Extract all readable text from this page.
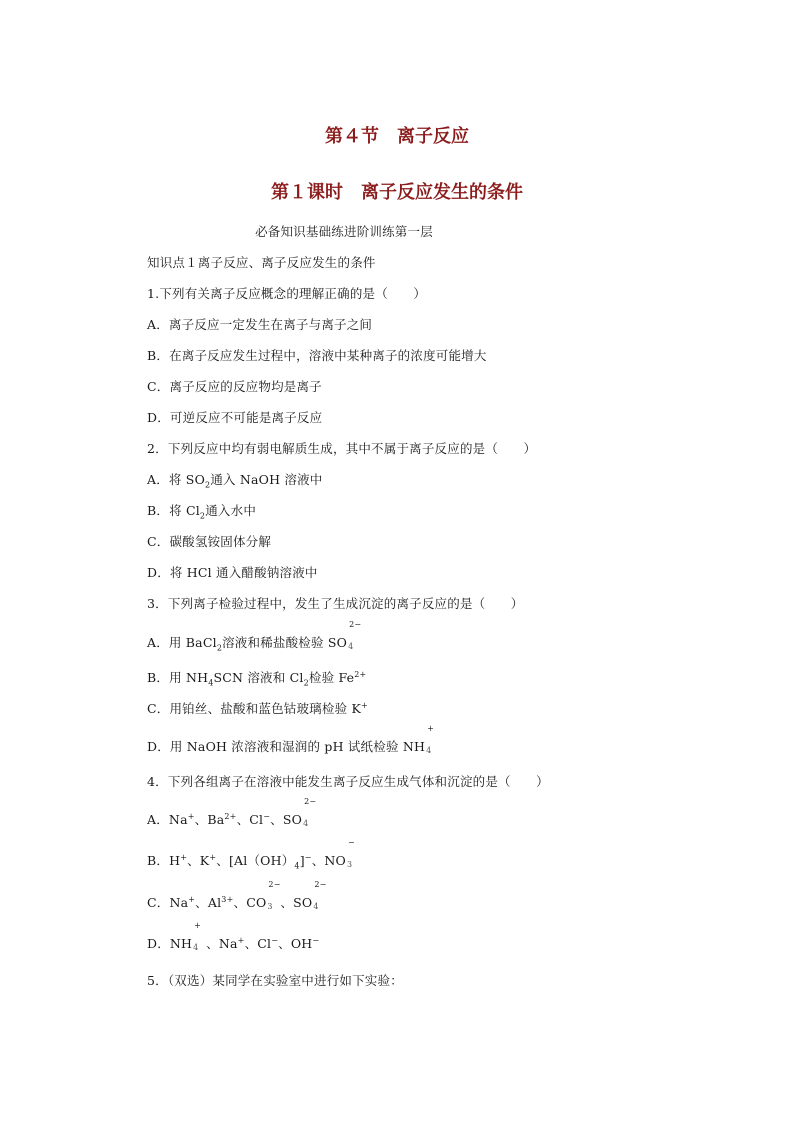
第４节　离子反应
第１课时　离子反应发生的条件
必备知识基础练进阶训练第一层
知识点１离子反应、离子反应发生的条件
1.下列有关离子反应概念的理解正确的是（　　）
A．离子反应一定发生在离子与离子之间
B．在离子反应发生过程中，溶液中某种离子的浓度可能增大
C．离子反应的反应物均是离子
D．可逆反应不可能是离子反应
2．下列反应中均有弱电解质生成，其中不属于离子反应的是（　　）
A．将 $SO_2$通入 NaOH 溶液中
B．将 $Cl_2$通入水中
C．碳酸氢铵固体分解
D．将 HCl 通入醋酸钠溶液中
3．下列离子检验过程中，发生了生成沉淀的离子反应的是（　　）
A．用 BaCl$_2$溶液和稀盐酸检验 SO
2−
4
B．用 $NH_4SCN$ 溶液和 $Cl_2$检验 $Fe^{2+}$
C．用铂丝、盐酸和蓝色钴玻璃检验 K+
D．用 NaOH 浓溶液和湿润的 pH 试纸检验 NH
+
4
4．下列各组离子在溶液中能发生离子反应生成气体和沉淀的是（　　）
A．Na+、$Ba^{2+}$、Cl−、SO
2−
4
B．H+、K+、$[Al(OH)_4]^-$、NO
−
3
C．Na+、$Al^{3+}$、CO
2−
3 、SO
2−
4
D．NH
+
4 、Na+、Cl−、OH−
5．（双选）某同学在实验室中进行如下实验：
